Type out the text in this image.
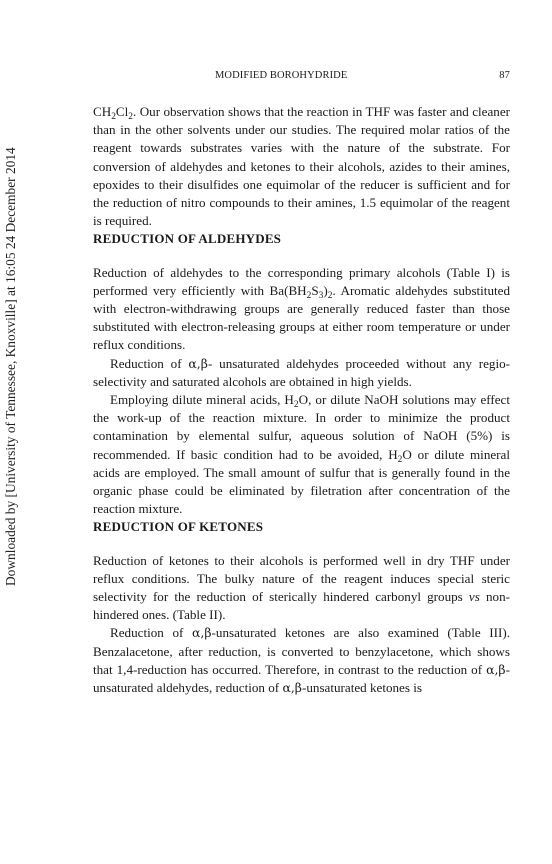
MODIFIED BOROHYDRIDE	87
Downloaded by [University of Tennessee, Knoxville] at 16:05 24 December 2014

$CH_2Cl_2$. Our observation shows that the reaction in THF was faster and cleaner than in the other solvents under our studies. The required molar ratios of the reagent towards substrates varies with the nature of the substrate. For conversion of aldehydes and ketones to their alcohols, azides to their amines, epoxides to their disulfides one equimolar of the reducer is sufficient and for the reduction of nitro compounds to their amines, 1.5 equimolar of the reagent is required.

REDUCTION OF ALDEHYDES

Reduction of aldehydes to the corresponding primary alcohols (Table I) is performed very efficiently with $Ba(BH_2S_3)_2$. Aromatic aldehydes substituted with electron-withdrawing groups are generally reduced faster than those substituted with electron-releasing groups at either room temperature or under reflux conditions.

Reduction of α,β- unsaturated aldehydes proceeded without any regio-selectivity and saturated alcohols are obtained in high yields.

Employing dilute mineral acids, $H_2O$, or dilute NaOH solutions may effect the work-up of the reaction mixture. In order to minimize the product contamination by elemental sulfur, aqueous solution of NaOH (5%) is recommended. If basic condition had to be avoided, $H_2O$ or dilute mineral acids are employed. The small amount of sulfur that is generally found in the organic phase could be eliminated by filetration after concentration of the reaction mixture.

REDUCTION OF KETONES

Reduction of ketones to their alcohols is performed well in dry THF under reflux conditions. The bulky nature of the reagent induces special steric selectivity for the reduction of sterically hindered carbonyl groups vs non-hindered ones. (Table II).

Reduction of α,β-unsaturated ketones are also examined (Table III). Benzalacetone, after reduction, is converted to benzylacetone, which shows that 1,4-reduction has occurred. Therefore, in contrast to the reduction of α,β-unsaturated aldehydes, reduction of α,β-unsaturated ketones is
